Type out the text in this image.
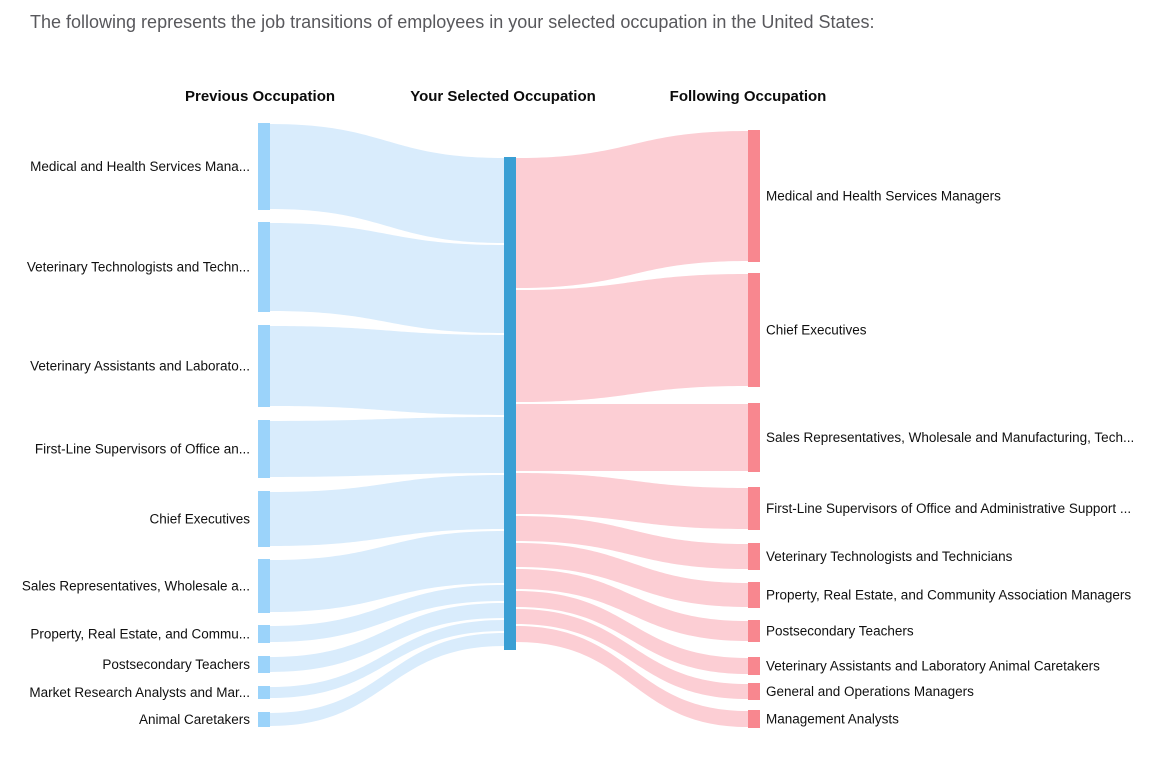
The following represents the job transitions of employees in your selected occupation in the United States:
Previous Occupation	Your Selected Occupation	Following Occupation
Medical and Health Services Mana...
Veterinary Technologists and Techn...
Veterinary Assistants and Laborato...
First-Line Supervisors of Office an...
Chief Executives
Sales Representatives, Wholesale a...
Property, Real Estate, and Commu...
Postsecondary Teachers
Market Research Analysts and Mar...
Animal Caretakers
Medical and Health Services Managers
Chief Executives
Sales Representatives, Wholesale and Manufacturing, Tech...
First-Line Supervisors of Office and Administrative Support ...
Veterinary Technologists and Technicians
Property, Real Estate, and Community Association Managers
Postsecondary Teachers
Veterinary Assistants and Laboratory Animal Caretakers
General and Operations Managers
Management Analysts
